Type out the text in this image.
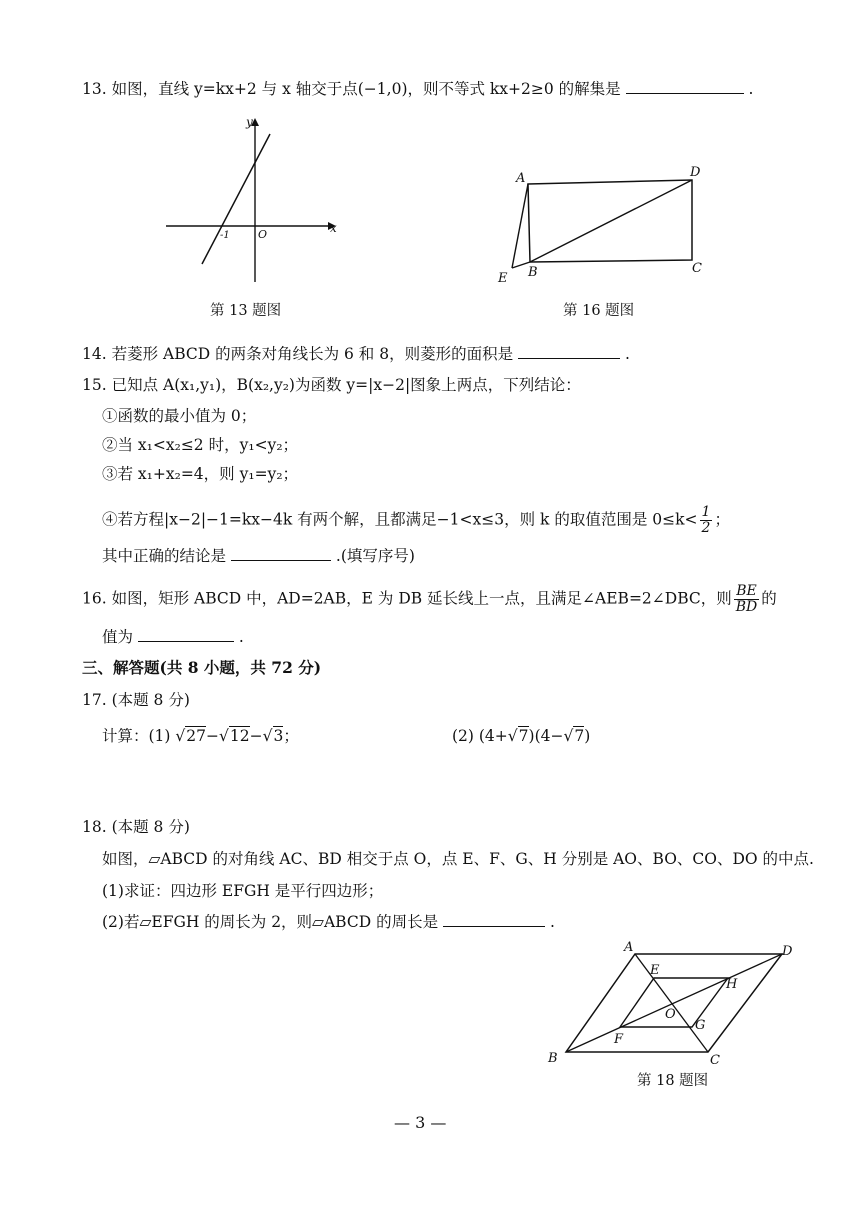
13. 如图，直线 y=kx+2 与 x 轴交于点(−1,0)，则不等式 kx+2≥0 的解集是	.
y
x
-1	O
第 13 题图
A	D
E B	C
第 16 题图
14. 若菱形 ABCD 的两条对角线长为 6 和 8，则菱形的面积是	.
15. 已知点 A(x₁,y₁)，B(x₂,y₂)为函数 y=|x−2|图象上两点，下列结论：
①函数的最小值为 0；
②当 x₁<x₂≤2 时，y₁<y₂；
③若 x₁+x₂=4，则 y₁=y₂；
④若方程|x−2|−1=kx−4k 有两个解，且都满足−1<x≤3，则 k 的取值范围是 $0\le k< \frac{1}{2}$ ；
其中正确的结论是	.(填写序号)
16. 如图，矩形 ABCD 中，AD=2AB，E 为 DB 延长线上一点，且满足∠AEB=2∠DBC，则 $\frac{BE}{BD}$ 的
值为	.
三、解答题(共 8 小题，共 72 分)
17. (本题 8 分)
计算：(1) √27−√12−√3；	(2) (4+√7)(4−√7)
18. (本题 8 分)
如图，▱ABCD 的对角线 AC、BD 相交于点 O，点 E、F、G、H 分别是 AO、BO、CO、DO 的中点.
(1)求证：四边形 EFGH 是平行四边形；
(2)若▱EFGH 的周长为 2，则▱ABCD 的周长是	.
A	D
E
H
O
G
F
B	C
第 18 题图
— 3 —
